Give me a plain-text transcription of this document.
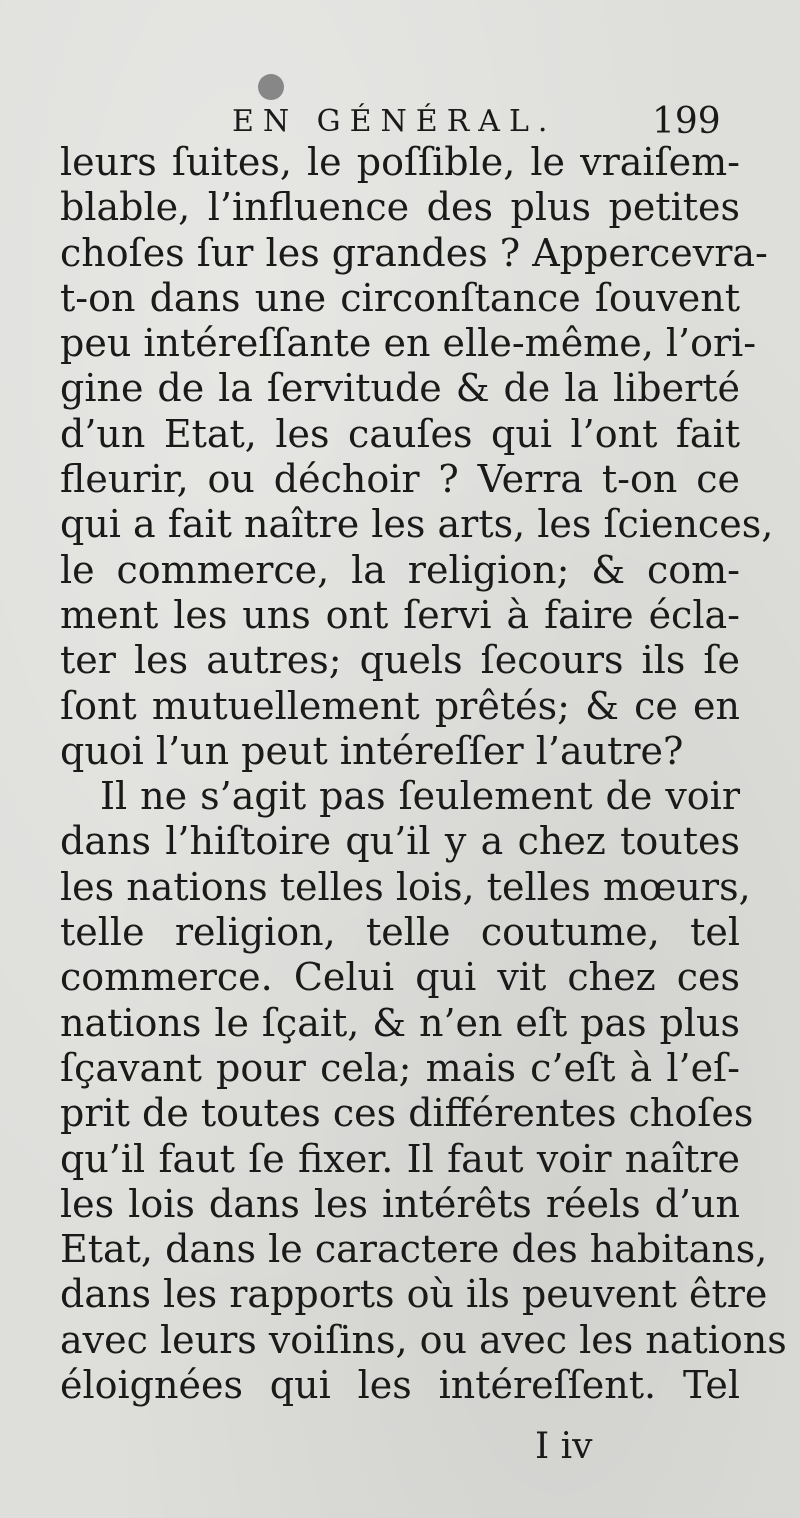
EN GÉNÉRAL.	199
leurs ſuites, le poſſible, le vraiſem-
blable, l’influence des plus petites
choſes ſur les grandes ? Appercevra-
t-on dans une circonſtance ſouvent
peu intéreſſante en elle-même, l’ori-
gine de la ſervitude & de la liberté
d’un Etat, les cauſes qui l’ont fait
fleurir, ou déchoir ? Verra t-on ce
qui a fait naître les arts, les ſciences,
le commerce, la religion; & com-
ment les uns ont ſervi à faire écla-
ter les autres; quels ſecours ils ſe
ſont mutuellement prêtés; & ce en
quoi l’un peut intéreſſer l’autre?
Il ne s’agit pas ſeulement de voir
dans l’hiſtoire qu’il y a chez toutes
les nations telles lois, telles mœurs,
telle religion, telle coutume, tel
commerce. Celui qui vit chez ces
nations le ſçait, & n’en eſt pas plus
ſçavant pour cela; mais c’eſt à l’eſ-
prit de toutes ces différentes choſes
qu’il faut ſe fixer. Il faut voir naître
les lois dans les intérêts réels d’un
Etat, dans le caractere des habitans,
dans les rapports où ils peuvent être
avec leurs voiſins, ou avec les nations
éloignées qui les intéreſſent. Tel
I iv
